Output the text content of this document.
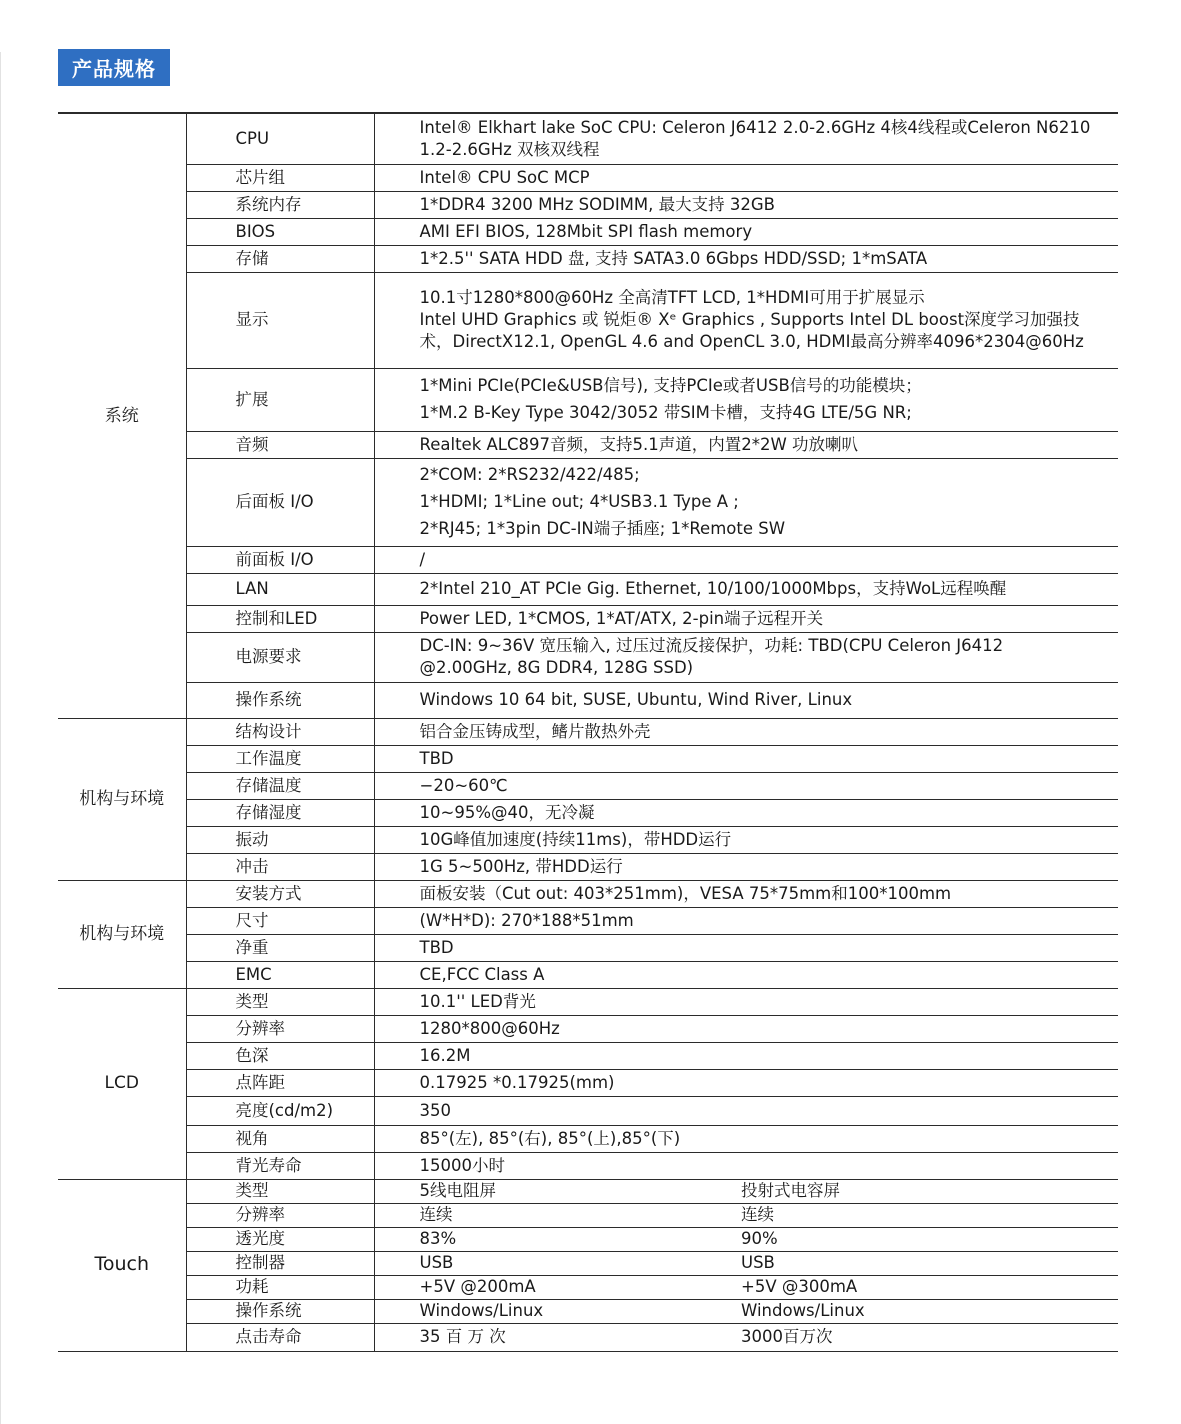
产品规格
系统	CPU	Intel® Elkhart lake SoC CPU: Celeron J6412 2.0-2.6GHz 4核4线程或Celeron N6210
1.2-2.6GHz 双核双线程	

	芯片组	Intel® CPU SoC MCP	
	系统内存	1*DDR4 3200 MHz SODIMM, 最大支持 32GB	
	BIOS	AMI EFI BIOS, 128Mbit SPI flash memory	
	存储	1*2.5'' SATA HDD 盘, 支持 SATA3.0 6Gbps HDD/SSD; 1*mSATA	
	显示	10.1寸1280*800@60Hz 全高清TFT LCD, 1*HDMI可用于扩展显示
Intel UHD Graphics 或 锐炬® Xᵉ Graphics , Supports Intel DL boost深度学习加强技
术，DirectX12.1, OpenGL 4.6 and OpenCL 3.0, HDMI最高分辨率4096*2304@60Hz	

	扩展	1*Mini PCIe(PCIe&USB信号), 支持PCIe或者USB信号的功能模块；
1*M.2 B-Key Type 3042/3052 带SIM卡槽，支持4G LTE/5G NR;	

	音频	Realtek ALC897音频，支持5.1声道，内置2*2W 功放喇叭	
	后面板 I/O	2*COM: 2*RS232/422/485;
1*HDMI; 1*Line out; 4*USB3.1 Type A ;
2*RJ45; 1*3pin DC-IN端子插座; 1*Remote SW	

	前面板 I/O	/	
	LAN	2*Intel 210_AT PCIe Gig. Ethernet, 10/100/1000Mbps，支持WoL远程唤醒	
	控制和LED	Power LED, 1*CMOS, 1*AT/ATX, 2-pin端子远程开关	
	电源要求	DC-IN: 9~36V 宽压输入, 过压过流反接保护，功耗: TBD(CPU Celeron J6412
@2.00GHz, 8G DDR4, 128G SSD)	

	操作系统	Windows 10 64 bit, SUSE, Ubuntu, Wind River, Linux	
机构与环境	结构设计	铝合金压铸成型，鳍片散热外壳	
	工作温度	TBD	
	存储温度	−20~60℃	
	存储湿度	10~95%@40，无冷凝	
	振动	10G峰值加速度(持续11ms)，带HDD运行	
	冲击	1G 5~500Hz, 带HDD运行	
机构与环境	安装方式	面板安装（Cut out: 403*251mm)，VESA 75*75mm和100*100mm	
	尺寸	(W*H*D): 270*188*51mm	
	净重	TBD	
	EMC	CE,FCC Class A	
LCD	类型	10.1'' LED背光	
	分辨率	1280*800@60Hz	
	色深	16.2M	
	点阵距	0.17925 *0.17925(mm)	
	亮度(cd/m2)	350	
	视角	85°(左), 85°(右), 85°(上),85°(下)	
	背光寿命	15000小时	
Touch	类型	5线电阻屏	投射式电容屏
	分辨率	连续	连续
	透光度	83%	90%
	控制器	USB	USB
	功耗	+5V @200mA	+5V @300mA
	操作系统	Windows/Linux	Windows/Linux
	点击寿命	35 百 万 次	3000百万次
